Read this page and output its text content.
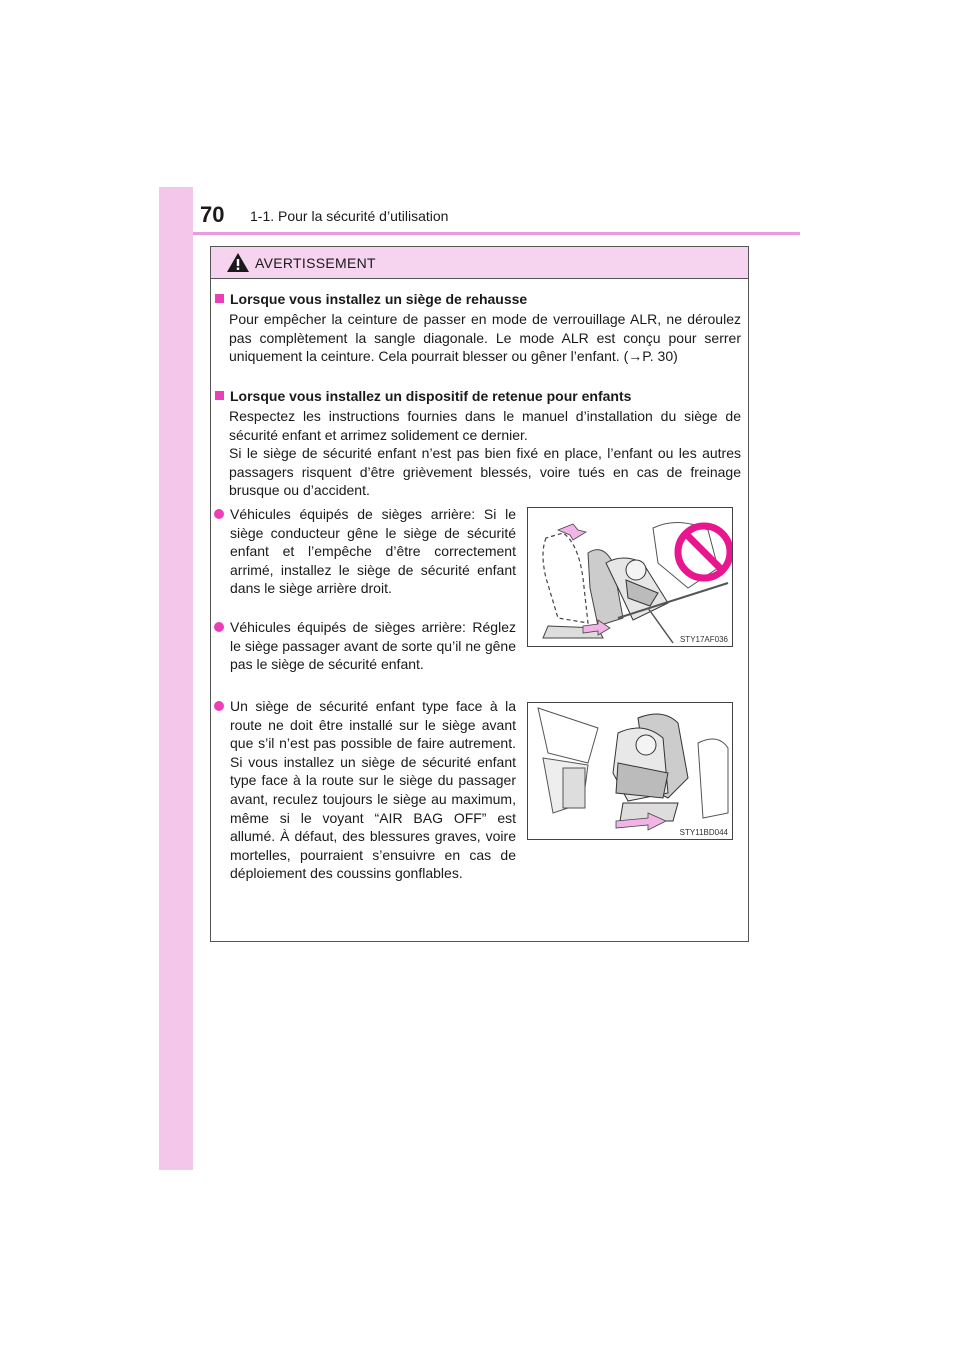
70 1-1. Pour la sécurité d’utilisation
AVERTISSEMENT
Lorsque vous installez un siège de rehausse

Pour empêcher la ceinture de passer en mode de verrouillage ALR, ne déroulez pas complètement la sangle diagonale. Le mode ALR est conçu pour serrer uniquement la ceinture. Cela pourrait blesser ou gêner l’enfant. (→P. 30)

Lorsque vous installez un dispositif de retenue pour enfants

Respectez les instructions fournies dans le manuel d’installation du siège de sécurité enfant et arrimez solidement ce dernier.

Si le siège de sécurité enfant n’est pas bien fixé en place, l’enfant ou les autres passagers risquent d’être grièvement blessés, voire tués en cas de freinage brusque ou d’accident.

Véhicules équipés de sièges arrière: Si le siège conducteur gêne le siège de sécurité enfant et l’empêche d’être correctement arrimé, installez le siège de sécurité enfant dans le siège arrière droit.
Véhicules équipés de sièges arrière: Réglez le siège passager avant de sorte qu’il ne gêne pas le siège de sécurité enfant.
Un siège de sécurité enfant type face à la route ne doit être installé sur le siège avant que s’il n’est pas possible de faire autrement. Si vous installez un siège de sécurité enfant type face à la route sur le siège du passager avant, reculez toujours le siège au maximum, même si le voyant “AIR BAG OFF” est allumé. À défaut, des blessures graves, voire mortelles, pourraient s’ensuivre en cas de déploiement des coussins gonflables.
STY17AF036
STY11BD044
